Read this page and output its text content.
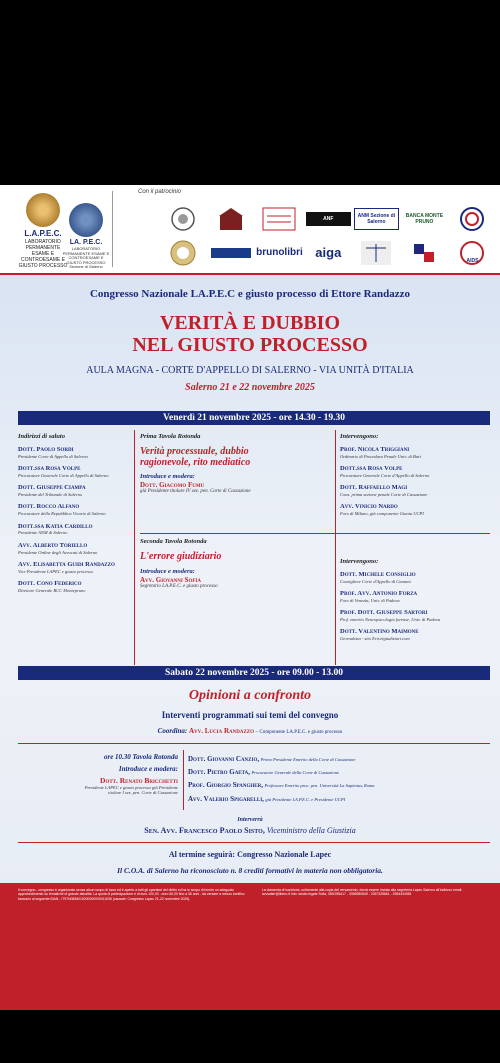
L.A.P.E.C.
LABORATORIO PERMANENTE ESAME E CONTROESAME E GIUSTO PROCESSO
LA. P.E.C.
LABORATORIO PERMANENTE ESAME E CONTROESAME E GIUSTO PROCESSO Sezione di Salerno
Con il patrocinio
ANF	ANM Sezione di Salerno
BANCA MONTE PRUNO
brunolibri aiga
AIDS
Congresso Nazionale LA.P.E.C e giusto processo di Ettore Randazzo
VERITÀ E DUBBIO
NEL GIUSTO PROCESSO
AULA MAGNA - CORTE D'APPELLO DI SALERNO - VIA UNITÀ D'ITALIA
Salerno 21 e 22 novembre 2025
Venerdì 21 novembre 2025 - ore 14.30 - 19.30
Indirizzi di saluto
Dott. Paolo Sordi
Presidente Corte di Appello di Salerno
Dott.ssa Rosa Volpe
Procuratore Generale Corte di Appello di Salerno
Dott. Giuseppe Ciampa
Presidente del Tribunale di Salerno
Dott. Rocco Alfano
Procuratore della Repubblica Vicario di Salerno
Dott.ssa Katia Cardillo
Presidente ANM di Salerno
Avv. Alberto Toriello
Presidente Ordine degli Avvocati di Salerno
Avv. Elisabetta Guidi Randazzo
Vice Presidente LAPEC e giusto processo
Dott. Cono Federico
Direttore Generale BCC Montepruno
Prima Tavola Rotonda
Verità processuale, dubbio ragionevole, rito mediatico
Introduce e modera:
Dott. Giacomo Fumu
già Presidente titolare IV sez. pen. Corte di Cassazione
Seconda Tavola Rotonda
L'errore giudiziario
Introduce e modera:
Avv. Giovanni Sofia
Segretario LA.P.E.C. e giusto processo
Intervengono:
Prof. Nicola Triggiani
Ordinario di Procedura Penale Univ. di Bari
Dott.ssa Rosa Volpe
Procuratore Generale Corte d'Appello di Salerno
Dott. Raffaello Magi
Cons. prima sezione penale Corte di Cassazione
Avv. Vinicio Nardo
Foro di Milano, già componente Giunta UCPI
Intervengono:
Dott. Michele Consiglio
Consigliere Corte d'Appello di Catania
Prof. Avv. Antonio Forza
Foro di Venezia, Univ. di Padova
Prof. Dott. Giuseppe Sartori
Prof. emerito Neuropsicologia forense, Univ. di Padova
Dott. Valentino Maimone
Giornalista - sito Errorigiudiziari.com
Sabato 22 novembre 2025 - ore 09.00 - 13.00
Opinioni a confronto
Interventi programmati sui temi del convegno
Coordina: Avv. Lucia Randazzo – Componente LA.P.E.C. e giusto processo
ore 10.30 Tavola Rotonda
Introduce e modera:
Dott. Renato Bricchetti
Presidente LAPEC e giusto processo già Presidente titolare I sez. pen. Corte di Cassazione
Dott. Giovanni Canzio, Primo Presidente Emerito della Corte di Cassazione
Dott. Pietro Gaeta, Procuratore Generale della Corte di Cassazione
Prof. Giorgio Spangher, Professore Emerito proc. pen. Università La Sapienza, Roma
Avv. Valerio Spigarelli, già Presidente LA.P.E.C. e Presidente UCPI
Interverrà
Sen. Avv. Francesco Paolo Sisto, Viceministro della Giustizia
Al termine seguirà: Congresso Nazionale Lapec
Il C.O.A. di Salerno ha riconosciuto n. 8 crediti formativi in materia non obbligatoria.
Il convegno - congresso è organizzato senza alcun scopo di lucro ed è aperto a tutti gli operatori del diritto ed ha lo scopo di fornire un adeguato approfondimento su tematiche di grande attualità. La quota di partecipazione è di euro 100,00 - euro 60,00 fino a 35 anni - da versare a mezzo bonifico bancario al seguente IBAN - IT97N0836015200000000011536 (causale: Congresso Lapec 21-22 novembre 2025).
La domanda di iscrizione, unitamente alla copia del versamento, dovrà essere inviata alla segreteria Lapec Salerno all'indirizzo email: avvsalter@libero.it Info: studio legale Sofia, 089/255417 - 3356980849 - 3357325861 - 3954434981
